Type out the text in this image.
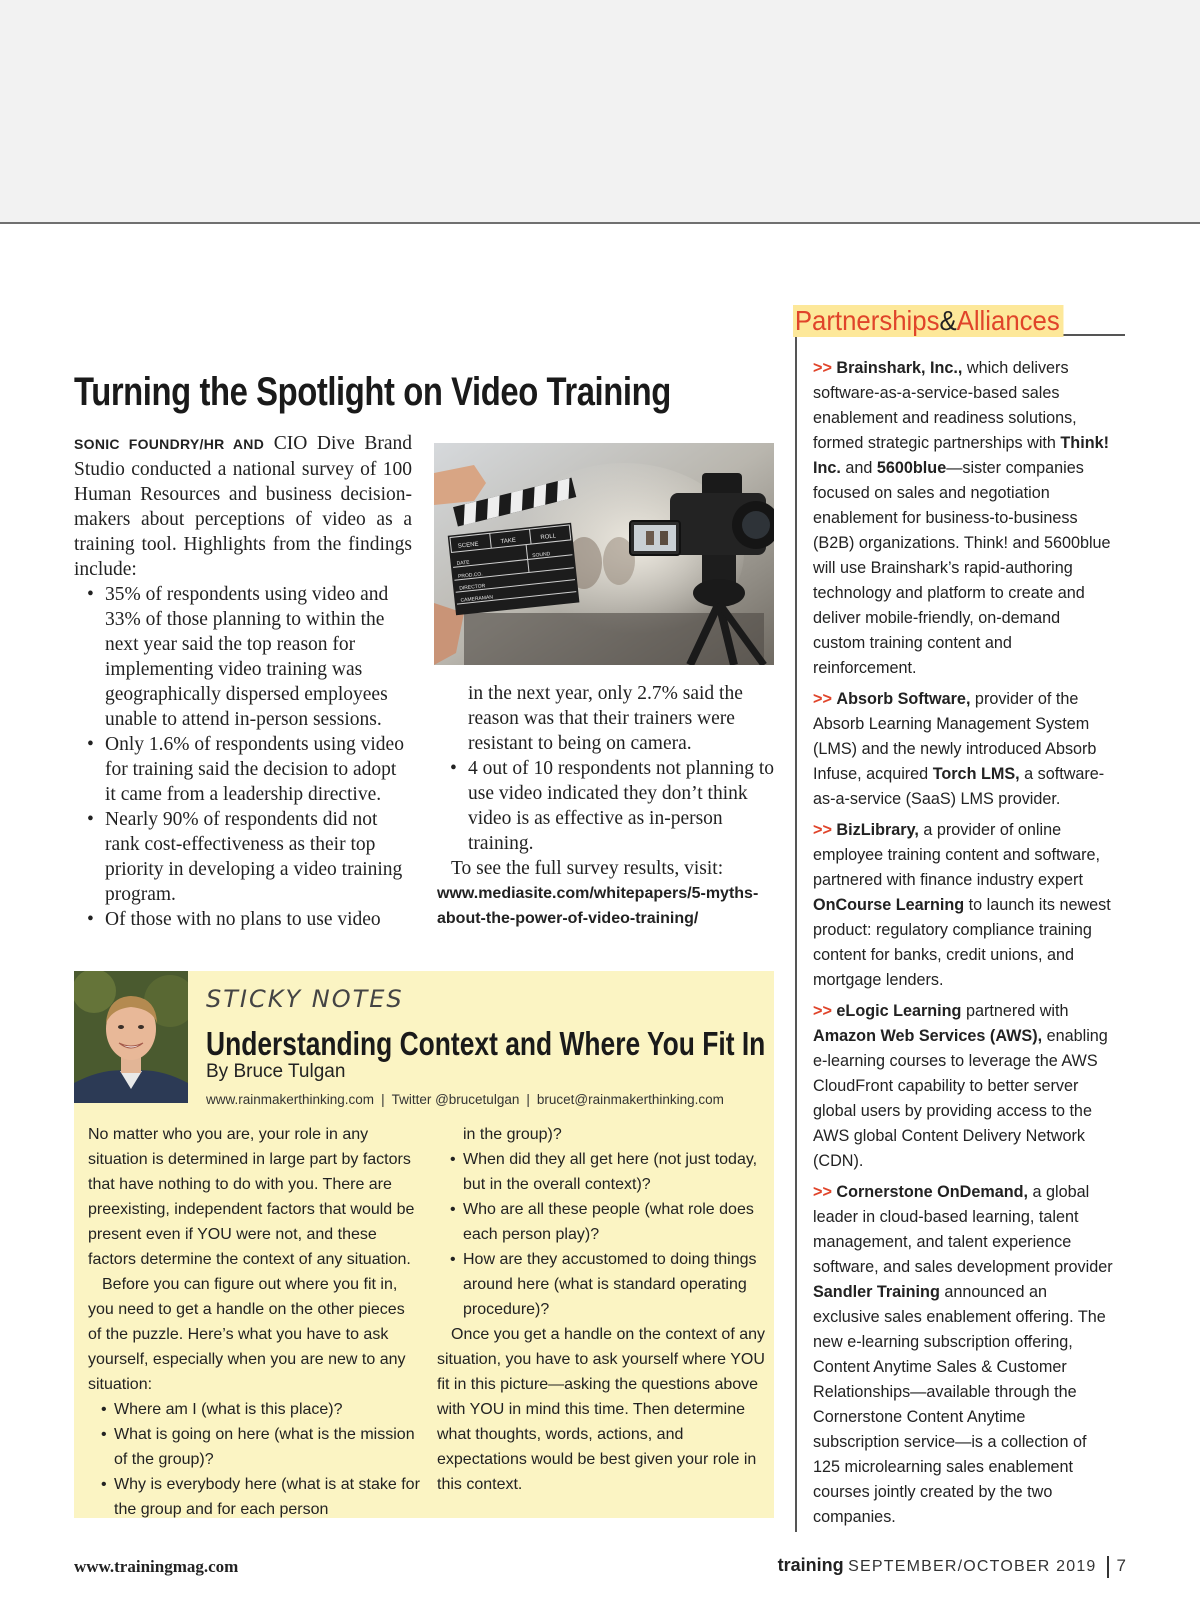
Turning the Spotlight on Video Training

SONIC FOUNDRY/HR AND CIO Dive Brand Studio conducted a national survey of 100 Human Resources and business decision-makers about perceptions of video as a training tool. Highlights from the findings include:

• 35% of respondents using video and 33% of those planning to within the next year said the top reason for implementing video training was geographically dispersed employees unable to attend in-person sessions.
• Only 1.6% of respondents using video for training said the decision to adopt it came from a leadership directive.
• Nearly 90% of respondents did not rank cost-effectiveness as their top priority in developing a video training program.
• Of those with no plans to use video
SCENE
TAKE
ROLL
DATE
SOUND
PROD.CO.
DIRECTOR
CAMERAMAN

in the next year, only 2.7% said the reason was that their trainers were resistant to being on camera.

• 4 out of 10 respondents not planning to use video indicated they don’t think video is as effective as in-person training.

To see the full survey results, visit:

www.mediasite.com/whitepapers/5-myths-about-the-power-of-video-training/
STICKY NOTES
Understanding Context and Where You Fit In
By Bruce Tulgan
www.rainmakerthinking.com | Twitter @brucetulgan | brucet@rainmakerthinking.com

No matter who you are, your role in any situation is determined in large part by factors that have nothing to do with you. There are preexisting, independent factors that would be present even if YOU were not, and these factors determine the context of any situation.

Before you can figure out where you fit in, you need to get a handle on the other pieces of the puzzle. Here’s what you have to ask yourself, especially when you are new to any situation:

• Where am I (what is this place)?
• What is going on here (what is the mission of the group)?
• Why is everybody here (what is at stake for the group and for each person

in the group)?

• When did they all get here (not just today, but in the overall context)?
• Who are all these people (what role does each person play)?
• How are they accustomed to doing things around here (what is standard operating procedure)?

Once you get a handle on the context of any situation, you have to ask yourself where YOU fit in this picture—asking the questions above with YOU in mind this time. Then determine what thoughts, words, actions, and expectations would be best given your role in this context.

Partnerships&Alliances

>> Brainshark, Inc., which delivers software-as-a-service-based sales enablement and readiness solutions, formed strategic partnerships with Think! Inc. and 5600blue—sister companies focused on sales and negotiation enablement for business-to-business (B2B) organizations. Think! and 5600blue will use Brainshark’s rapid-authoring technology and platform to create and deliver mobile-friendly, on-demand custom training content and reinforcement.

>> Absorb Software, provider of the Absorb Learning Management System (LMS) and the newly introduced Absorb Infuse, acquired Torch LMS, a software-as-a-service (SaaS) LMS provider.

>> BizLibrary, a provider of online employee training content and software, partnered with finance industry expert OnCourse Learning to launch its newest product: regulatory compliance training content for banks, credit unions, and mortgage lenders.

>> eLogic Learning partnered with Amazon Web Services (AWS), enabling e-learning courses to leverage the AWS CloudFront capability to better server global users by providing access to the AWS global Content Delivery Network (CDN).

>> Cornerstone OnDemand, a global leader in cloud-based learning, talent management, and talent experience software, and sales development provider Sandler Training announced an exclusive sales enablement offering. The new e-learning subscription offering, Content Anytime Sales & Customer Relationships—available through the Cornerstone Content Anytime subscription service—is a collection of 125 microlearning sales enablement courses jointly created by the two companies.

www.trainingmag.com	training SEPTEMBER/OCTOBER 2019 7
